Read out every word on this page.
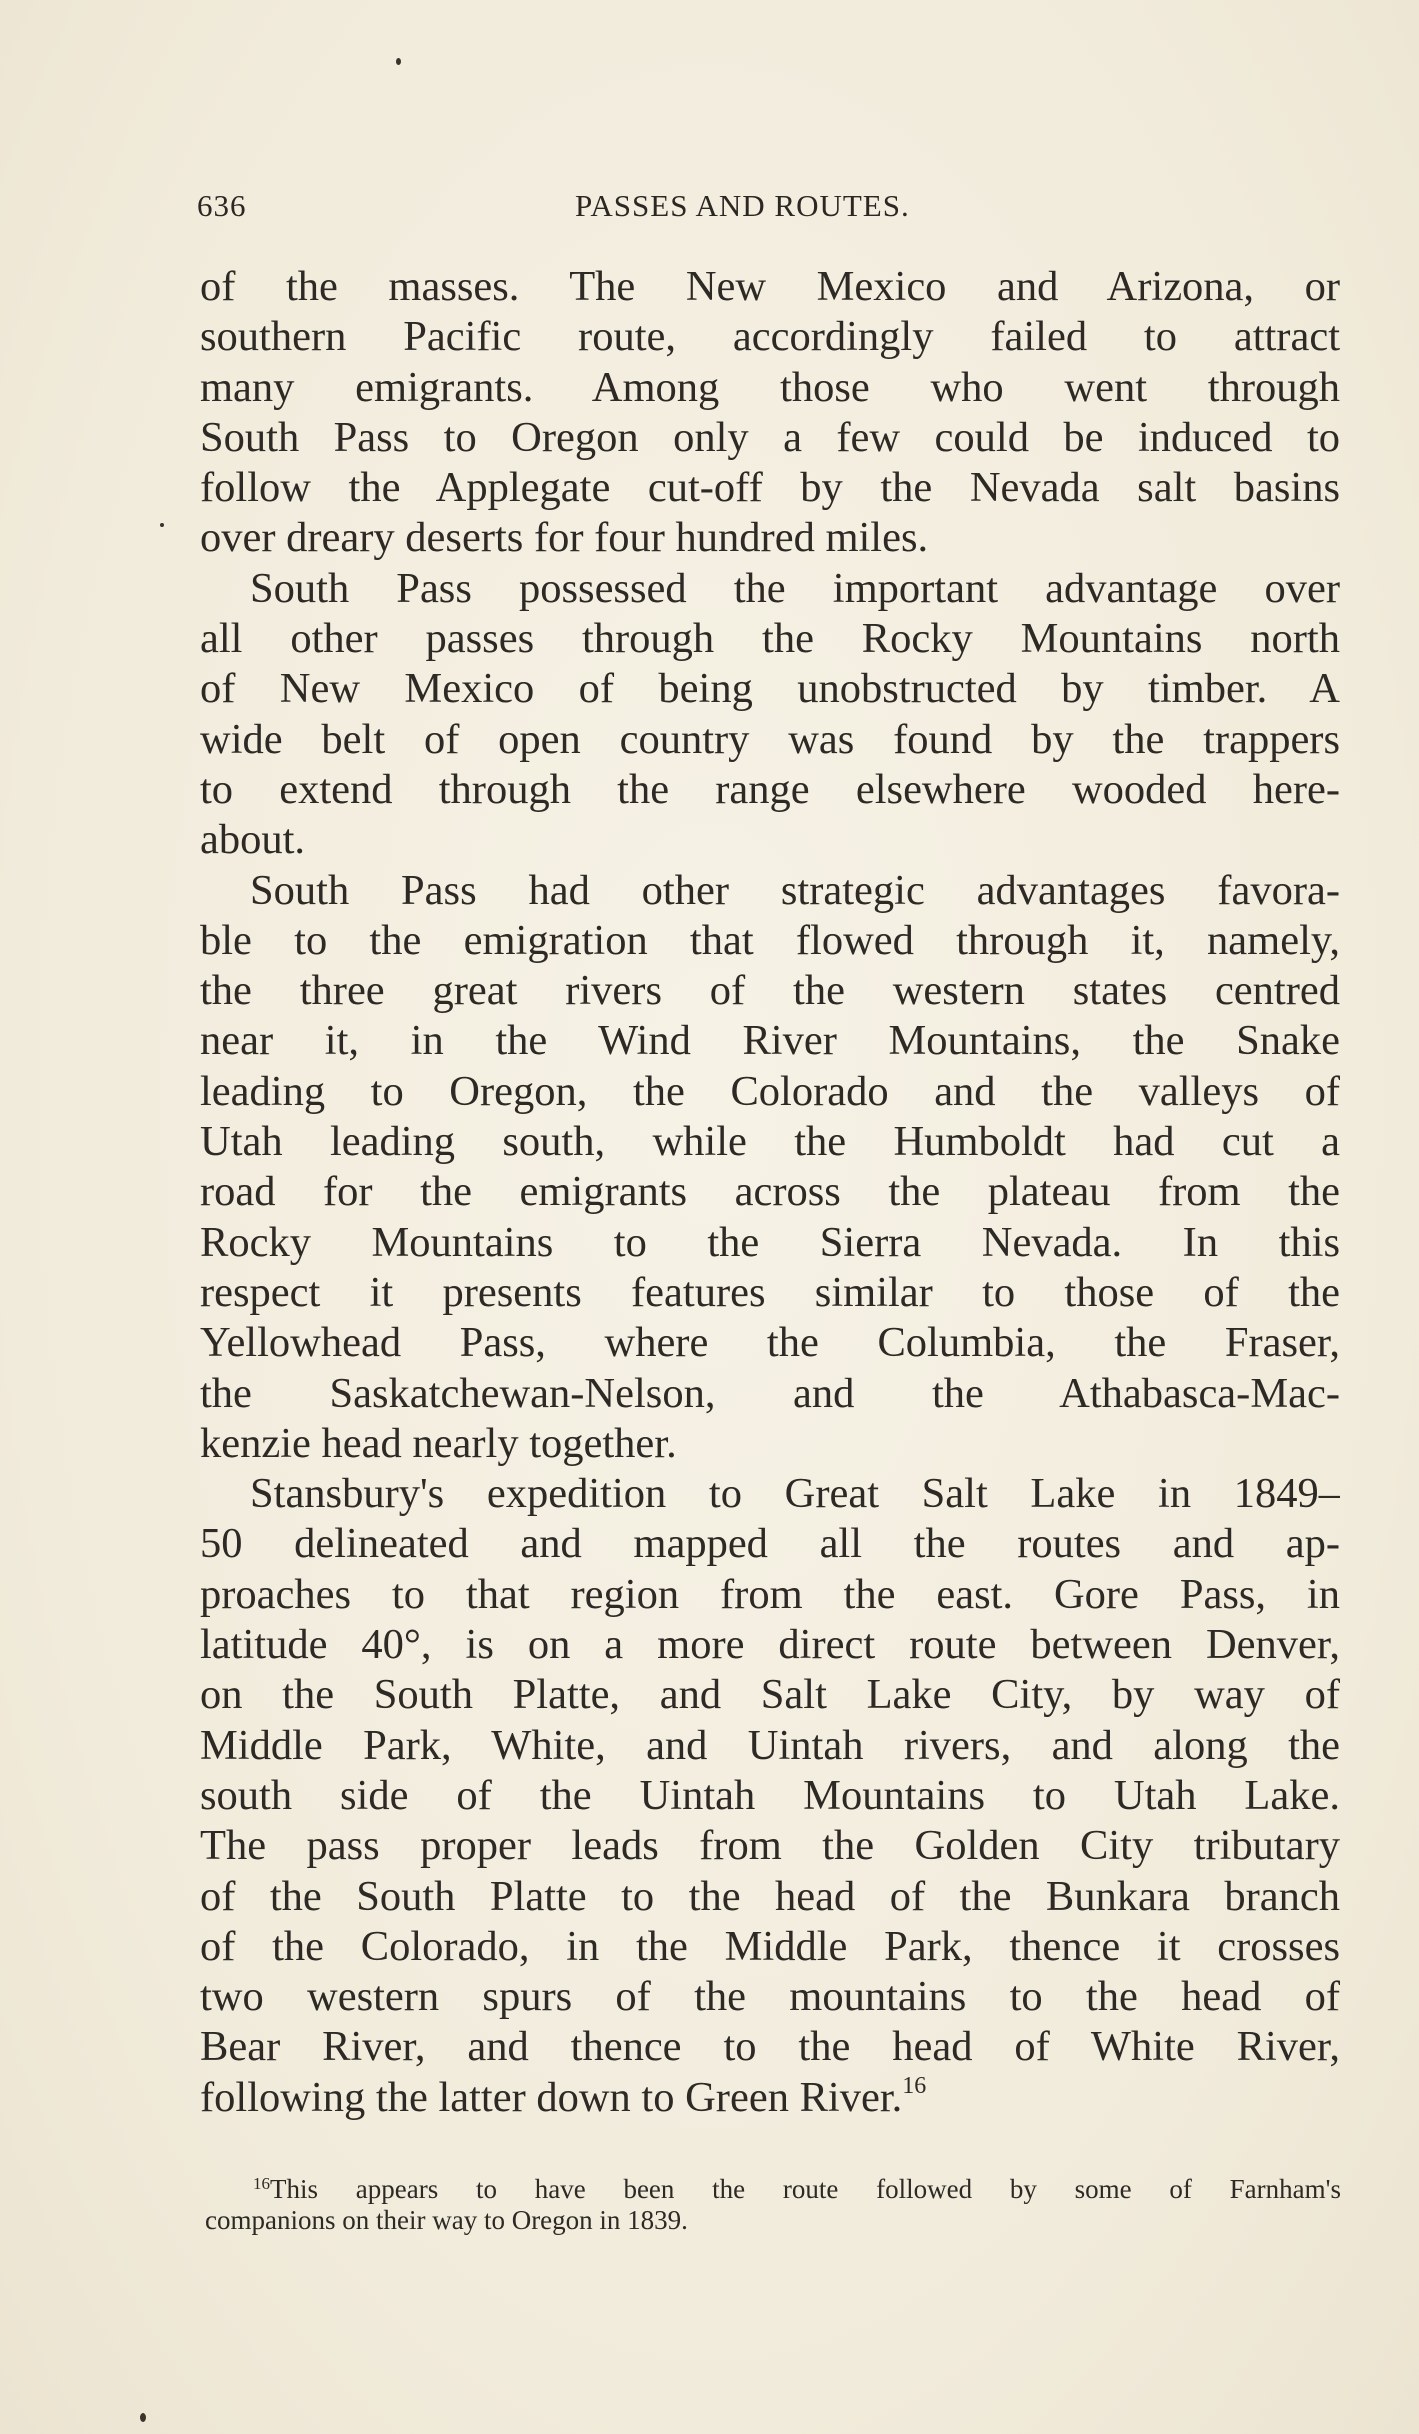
636	PASSES AND ROUTES.
of the masses. The New Mexico and Arizona, or
southern Pacific route, accordingly failed to attract
many emigrants. Among those who went through
South Pass to Oregon only a few could be induced to
follow the Applegate cut-off by the Nevada salt basins
over dreary deserts for four hundred miles.
South Pass possessed the important advantage over
all other passes through the Rocky Mountains north
of New Mexico of being unobstructed by timber. A
wide belt of open country was found by the trappers
to extend through the range elsewhere wooded here-
about.
South Pass had other strategic advantages favora-
ble to the emigration that flowed through it, namely,
the three great rivers of the western states centred
near it, in the Wind River Mountains, the Snake
leading to Oregon, the Colorado and the valleys of
Utah leading south, while the Humboldt had cut a
road for the emigrants across the plateau from the
Rocky Mountains to the Sierra Nevada. In this
respect it presents features similar to those of the
Yellowhead Pass, where the Columbia, the Fraser,
the Saskatchewan-Nelson, and the Athabasca-Mac-
kenzie head nearly together.
Stansbury's expedition to Great Salt Lake in 1849–
50 delineated and mapped all the routes and ap-
proaches to that region from the east. Gore Pass, in
latitude 40°, is on a more direct route between Denver,
on the South Platte, and Salt Lake City, by way of
Middle Park, White, and Uintah rivers, and along the
south side of the Uintah Mountains to Utah Lake.
The pass proper leads from the Golden City tributary
of the South Platte to the head of the Bunkara branch
of the Colorado, in the Middle Park, thence it crosses
two western spurs of the mountains to the head of
Bear River, and thence to the head of White River,
following the latter down to Green River.$^{16}$
$^{16}$This appears to have been the route followed by some of Farnham's
companions on their way to Oregon in 1839.
